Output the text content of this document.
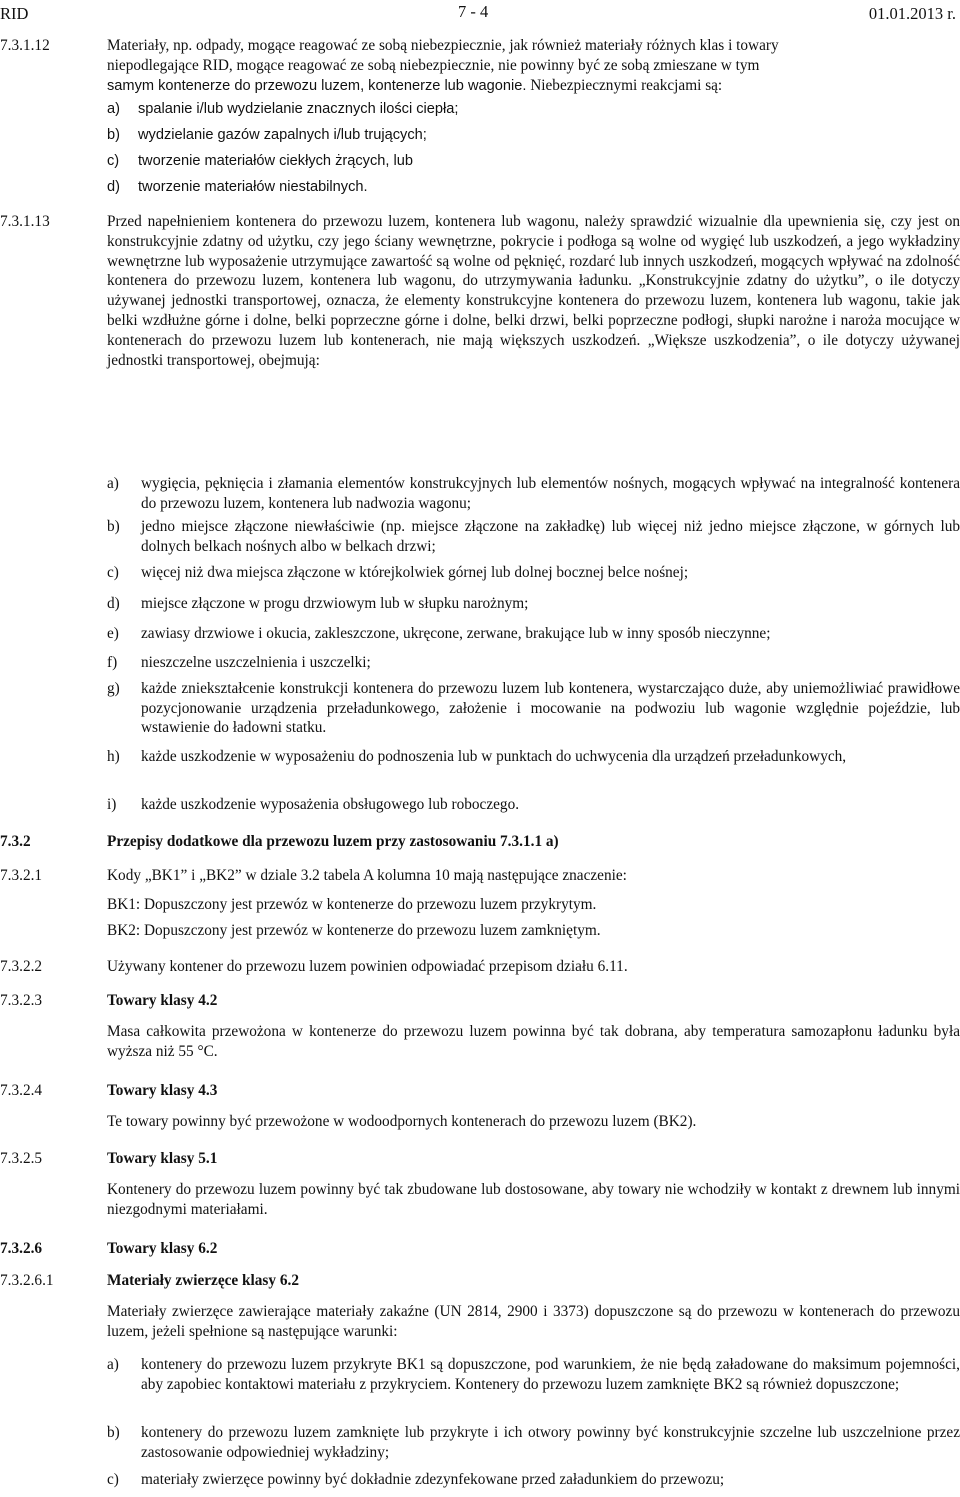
RID	7 - 4	01.01.2013 r.
7.3.1.12	Materiały, np. odpady, mogące reagować ze sobą niebezpiecznie, jak również materiały różnych klas i towary
niepodlegające RID, mogące reagować ze sobą niebezpiecznie, nie powinny być ze sobą zmieszane w tym
samym kontenerze do przewozu luzem, kontenerze lub wagonie. Niebezpiecznymi reakcjami są:
a) spalanie i/lub wydzielanie znacznych ilości ciepła;
b) wydzielanie gazów zapalnych i/lub trujących;
c) tworzenie materiałów ciekłych żrących, lub
d) tworzenie materiałów niestabilnych.
7.3.1.13	Przed napełnieniem kontenera do przewozu luzem, kontenera lub wagonu, należy sprawdzić wizualnie dla upewnienia się, czy jest on konstrukcyjnie zdatny od użytku, czy jego ściany wewnętrzne, pokrycie i podłoga są wolne od wygięć lub uszkodzeń, a jego wykładziny wewnętrzne lub wyposażenie utrzymujące zawartość są wolne od pęknięć, rozdarć lub innych uszkodzeń, mogących wpływać na zdolność kontenera do przewozu luzem, kontenera lub wagonu, do utrzymywania ładunku. „Konstrukcyjnie zdatny do użytku”, o ile dotyczy używanej jednostki transportowej, oznacza, że elementy konstrukcyjne kontenera do przewozu luzem, kontenera lub wagonu, takie jak belki wzdłużne górne i dolne, belki poprzeczne górne i dolne, belki drzwi, belki poprzeczne podłogi, słupki narożne i naroża mocujące w kontenerach do przewozu luzem lub kontenerach, nie mają większych uszkodzeń. „Większe uszkodzenia”, o ile dotyczy używanej jednostki transportowej, obejmują:
a) wygięcia, pęknięcia i złamania elementów konstrukcyjnych lub elementów nośnych, mogących wpływać na integralność kontenera do przewozu luzem, kontenera lub nadwozia wagonu;
b) jedno miejsce złączone niewłaściwie (np. miejsce złączone na zakładkę) lub więcej niż jedno miejsce złączone, w górnych lub dolnych belkach nośnych albo w belkach drzwi;
c) więcej niż dwa miejsca złączone w którejkolwiek górnej lub dolnej bocznej belce nośnej;
d) miejsce złączone w progu drzwiowym lub w słupku narożnym;
e) zawiasy drzwiowe i okucia, zakleszczone, ukręcone, zerwane, brakujące lub w inny sposób nieczynne;
f) nieszczelne uszczelnienia i uszczelki;
g) każde zniekształcenie konstrukcji kontenera do przewozu luzem lub kontenera, wystarczająco duże, aby uniemożliwiać prawidłowe pozycjonowanie urządzenia przeładunkowego, założenie i mocowanie na podwoziu lub wagonie względnie pojeździe, lub wstawienie do ładowni statku.
h) każde uszkodzenie w wyposażeniu do podnoszenia lub w punktach do uchwycenia dla urządzeń przeładunkowych,
i) każde uszkodzenie wyposażenia obsługowego lub roboczego.
7.3.2	Przepisy dodatkowe dla przewozu luzem przy zastosowaniu 7.3.1.1 a)
7.3.2.1	Kody „BK1” i „BK2” w dziale 3.2 tabela A kolumna 10 mają następujące znaczenie:
BK1: Dopuszczony jest przewóz w kontenerze do przewozu luzem przykrytym.
BK2: Dopuszczony jest przewóz w kontenerze do przewozu luzem zamkniętym.
7.3.2.2	Używany kontener do przewozu luzem powinien odpowiadać przepisom działu 6.11.
7.3.2.3	Towary klasy 4.2
Masa całkowita przewożona w kontenerze do przewozu luzem powinna być tak dobrana, aby temperatura samozapłonu ładunku była wyższa niż 55 °C.
7.3.2.4	Towary klasy 4.3
Te towary powinny być przewożone w wodoodpornych kontenerach do przewozu luzem (BK2).
7.3.2.5	Towary klasy 5.1
Kontenery do przewozu luzem powinny być tak zbudowane lub dostosowane, aby towary nie wchodziły w kontakt z drewnem lub innymi niezgodnymi materiałami.
7.3.2.6	Towary klasy 6.2
7.3.2.6.1	Materiały zwierzęce klasy 6.2
Materiały zwierzęce zawierające materiały zakaźne (UN 2814, 2900 i 3373) dopuszczone są do przewozu w kontenerach do przewozu luzem, jeżeli spełnione są następujące warunki:
a) kontenery do przewozu luzem przykryte BK1 są dopuszczone, pod warunkiem, że nie będą załadowane do maksimum pojemności, aby zapobiec kontaktowi materiału z przykryciem. Kontenery do przewozu luzem zamknięte BK2 są również dopuszczone;
b) kontenery do przewozu luzem zamknięte lub przykryte i ich otwory powinny być konstrukcyjnie szczelne lub uszczelnione przez zastosowanie odpowiedniej wykładziny;
c) materiały zwierzęce powinny być dokładnie zdezynfekowane przed załadunkiem do przewozu;
